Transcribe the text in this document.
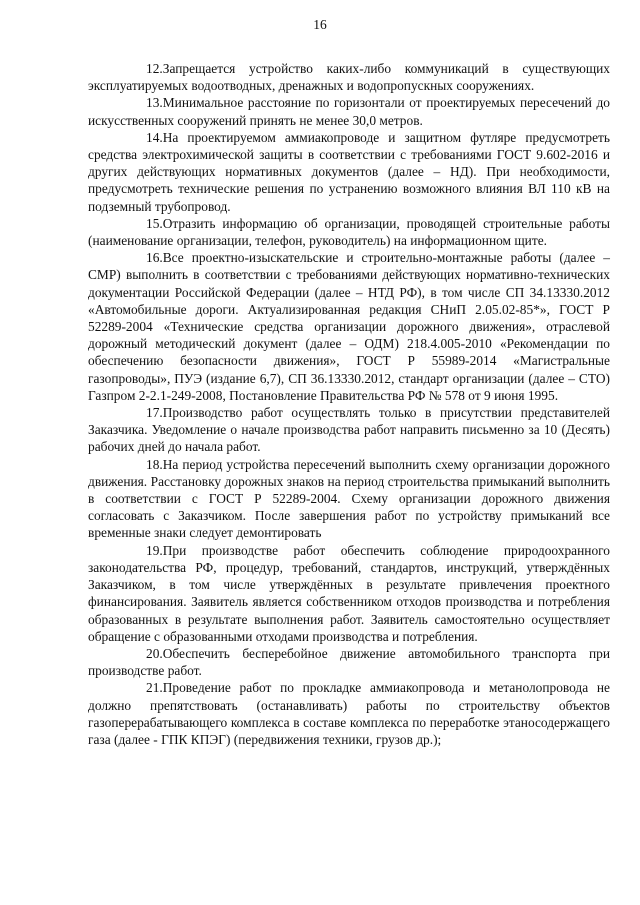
16

12.Запрещается устройство каких-либо коммуникаций в существующих эксплуатируемых водоотводных, дренажных и водопропускных сооружениях.

13.Минимальное расстояние по горизонтали от проектируемых пересечений до искусственных сооружений принять не менее 30,0 метров.

14.На проектируемом аммиакопроводе и защитном футляре предусмотреть средства электрохимической защиты в соответствии с требованиями ГОСТ 9.602-2016 и других действующих нормативных документов (далее – НД). При необходимости, предусмотреть технические решения по устранению возможного влияния ВЛ 110 кВ на подземный трубопровод.

15.Отразить информацию об организации, проводящей строительные работы (наименование организации, телефон, руководитель) на информационном щите.

16.Все проектно-изыскательские и строительно-монтажные работы (далее – СМР) выполнить в соответствии с требованиями действующих нормативно-технических документации Российской Федерации (далее – НТД РФ), в том числе СП 34.13330.2012 «Автомобильные дороги. Актуализированная редакция СНиП 2.05.02-85*», ГОСТ Р 52289-2004 «Технические средства организации дорожного движения», отраслевой дорожный методический документ (далее – ОДМ) 218.4.005-2010 «Рекомендации по обеспечению безопасности движения», ГОСТ Р 55989-2014 «Магистральные газопроводы», ПУЭ (издание 6,7), СП 36.13330.2012, стандарт организации (далее – СТО) Газпром 2-2.1-249-2008, Постановление Правительства РФ № 578 от 9 июня 1995.

17.Производство работ осуществлять только в присутствии представителей Заказчика. Уведомление о начале производства работ направить письменно за 10 (Десять) рабочих дней до начала работ.

18.На период устройства пересечений выполнить схему организации дорожного движения. Расстановку дорожных знаков на период строительства примыканий выполнить в соответствии с ГОСТ Р 52289-2004. Схему организации дорожного движения согласовать с Заказчиком. После завершения работ по устройству примыканий все временные знаки следует демонтировать

19.При производстве работ обеспечить соблюдение природоохранного законодательства РФ, процедур, требований, стандартов, инструкций, утверждённых Заказчиком, в том числе утверждённых в результате привлечения проектного финансирования. Заявитель является собственником отходов производства и потребления образованных в результате выполнения работ. Заявитель самостоятельно осуществляет обращение с образованными отходами производства и потребления.

20.Обеспечить бесперебойное движение автомобильного транспорта при производстве работ.

21.Проведение работ по прокладке аммиакопровода и метанолопровода не должно препятствовать (останавливать) работы по строительству объектов газоперерабатывающего комплекса в составе комплекса по переработке этаносодержащего газа (далее - ГПК КПЭГ) (передвижения техники, грузов др.);
